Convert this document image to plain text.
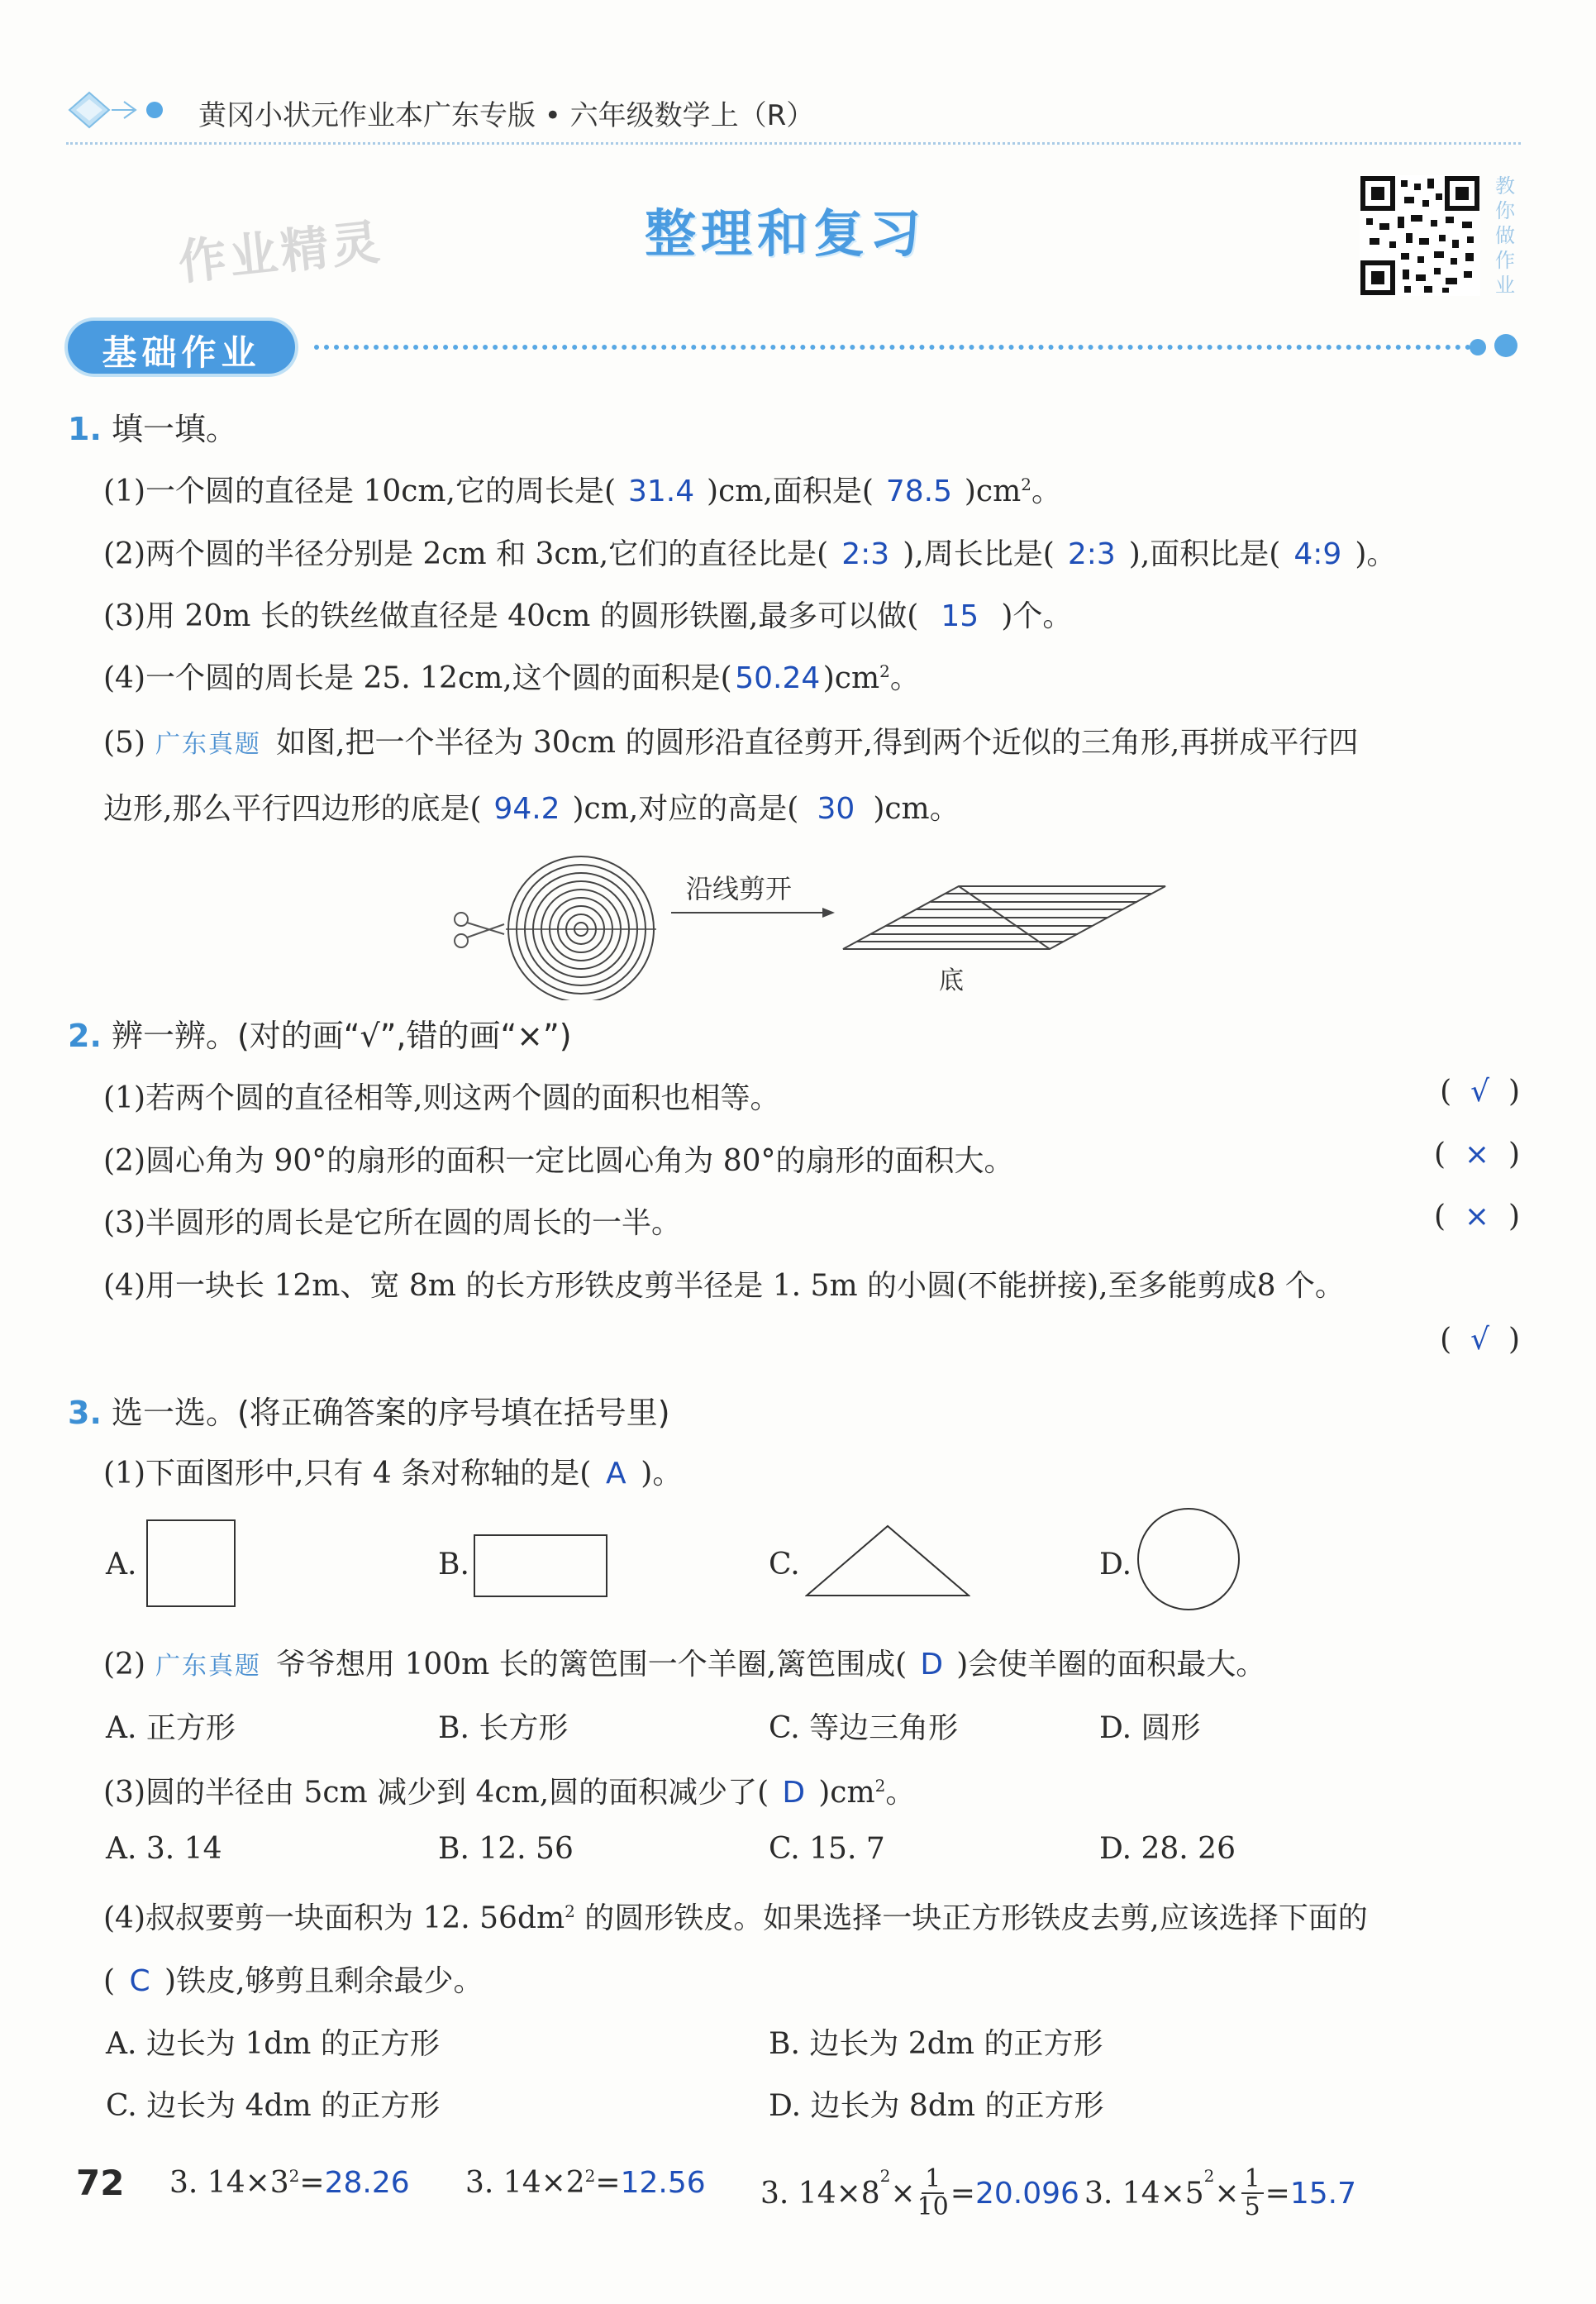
黄冈小状元作业本广东专版 • 六年级数学上（R）
作业精灵	整理和复习
教
你
做
作
业
基础作业
1. 填一填。
(1)一个圆的直径是 10cm,它的周长是( 31.4 )cm,面积是( 78.5 )$cm^2$。
(2)两个圆的半径分别是 2cm 和 3cm,它们的直径比是( 2:3 ),周长比是( 2:3 ),面积比是( 4:9 )。
(3)用 20m 长的铁丝做直径是 40cm 的圆形铁圈,最多可以做( 15 )个。
(4)一个圆的周长是 25. 12cm,这个圆的面积是$(50.24)cm^2$。
(5) 广东真题 如图,把一个半径为 30cm 的圆形沿直径剪开,得到两个近似的三角形,再拼成平行四
边形,那么平行四边形的底是( 94.2 )cm,对应的高是( 30 )cm。
沿线剪开
底
2. 辨一辨。(对的画“√”,错的画“×”)
(1)若两个圆的直径相等,则这两个圆的面积也相等。	(  √  )
(2)圆心角为 90°的扇形的面积一定比圆心角为 80°的扇形的面积大。	(  ×  )
(3)半圆形的周长是它所在圆的周长的一半。	(  ×  )
(4)用一块长 12m、宽 8m 的长方形铁皮剪半径是 1. 5m 的小圆(不能拼接),至多能剪成8 个。
(  √  )
3. 选一选。(将正确答案的序号填在括号里)
(1)下面图形中,只有 4 条对称轴的是( A )。
A.	B.	C.	D.
(2) 广东真题 爷爷想用 100m 长的篱笆围一个羊圈,篱笆围成( D )会使羊圈的面积最大。
A. 正方形	B. 长方形	C. 等边三角形	D. 圆形
(3)圆的半径由 5cm 减少到 4cm,圆的面积减少了( D )$cm^2$。
A. 3. 14	B. 12. 56	C. 15. 7	D. 28. 26
(4)叔叔要剪一块面积为 12. $56dm^2$ 的圆形铁皮。如果选择一块正方形铁皮去剪,应该选择下面的
( C )铁皮,够剪且剩余最少。
A. 边长为 1dm 的正方形	B. 边长为 2dm 的正方形
C. 边长为 4dm 的正方形	D. 边长为 8dm 的正方形
72 3. $14\times 3^2=28.26$ 3. $14\times 2^2=12.56$ 3. 14×8
$^2$
× $\frac{1}{10} = 20.096$ 3. 14×5
$^2$
× $\frac{1}{5} = 15.7$
